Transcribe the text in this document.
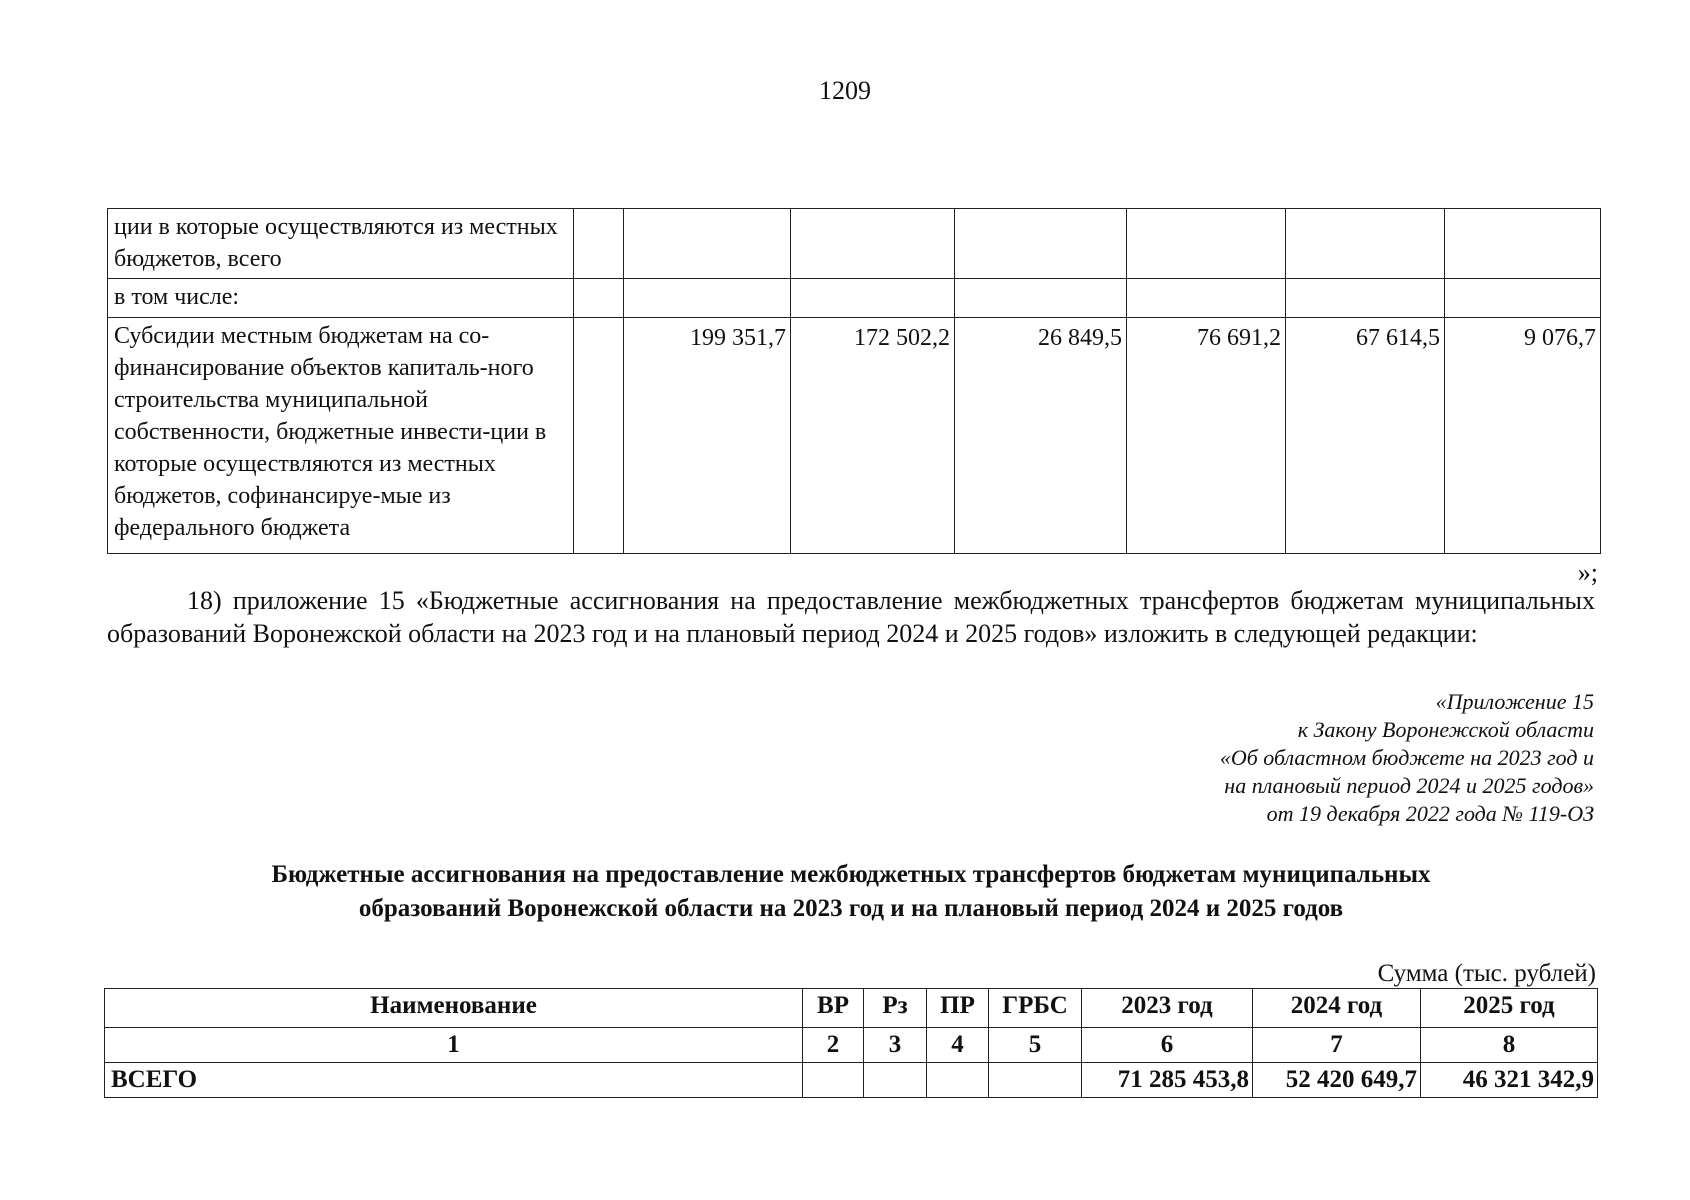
1209
ции в которые осуществляются из местных бюджетов, всего							
в том числе:							
Субсидии местным бюджетам на со-финансирование объектов капиталь-ного строительства муниципальной собственности, бюджетные инвести-ции в которые осуществляются из местных бюджетов, софинансируе-мые из федерального бюджета		199 351,7	172 502,2	26 849,5	76 691,2	67 614,5	9 076,7
»;

18) приложение 15 «Бюджетные ассигнования на предоставление межбюджетных трансфертов бюджетам муниципальных образований Воронежской области на 2023 год и на плановый период 2024 и 2025 годов» изложить в следующей редакции:

«Приложение 15
к Закону Воронежской области
«Об областном бюджете на 2023 год и
на плановый период 2024 и 2025 годов»
от 19 декабря 2022 года № 119-ОЗ
Бюджетные ассигнования на предоставление межбюджетных трансфертов бюджетам муниципальных
образований Воронежской области на 2023 год и на плановый период 2024 и 2025 годов
Сумма (тыс. рублей)
Наименование	ВР	Рз	ПР	ГРБС	2023 год	2024 год	2025 год
1	2	3	4	5	6	7	8
ВСЕГО					71 285 453,8	52 420 649,7	46 321 342,9
